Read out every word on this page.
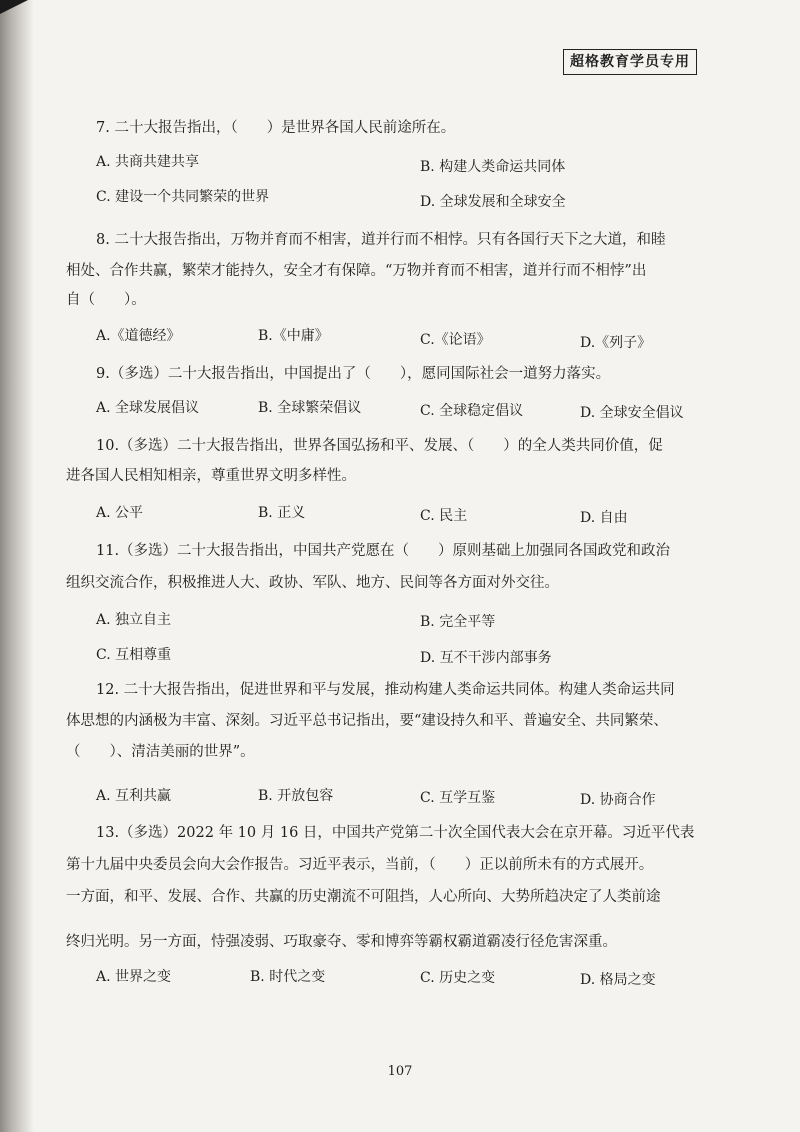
超格教育学员专用
7. 二十大报告指出，（　　）是世界各国人民前途所在。
A. 共商共建共享	B. 构建人类命运共同体
C. 建设一个共同繁荣的世界	D. 全球发展和全球安全
8. 二十大报告指出，万物并育而不相害，道并行而不相悖。只有各国行天下之大道，和睦
相处、合作共赢，繁荣才能持久，安全才有保障。“万物并育而不相害，道并行而不相悖”出
自（　　）。
A.《道德经》	B.《中庸》	C.《论语》	D.《列子》
9.（多选）二十大报告指出，中国提出了（　　），愿同国际社会一道努力落实。
A. 全球发展倡议	B. 全球繁荣倡议	C. 全球稳定倡议	D. 全球安全倡议
10.（多选）二十大报告指出，世界各国弘扬和平、发展、（　　）的全人类共同价值，促
进各国人民相知相亲，尊重世界文明多样性。
A. 公平	B. 正义	C. 民主	D. 自由
11.（多选）二十大报告指出，中国共产党愿在（　　）原则基础上加强同各国政党和政治
组织交流合作，积极推进人大、政协、军队、地方、民间等各方面对外交往。
A. 独立自主	B. 完全平等
C. 互相尊重	D. 互不干涉内部事务
12. 二十大报告指出，促进世界和平与发展，推动构建人类命运共同体。构建人类命运共同
体思想的内涵极为丰富、深刻。习近平总书记指出，要“建设持久和平、普遍安全、共同繁荣、
（　　）、清洁美丽的世界”。
A. 互利共赢	B. 开放包容	C. 互学互鉴	D. 协商合作
13.（多选）2022 年 10 月 16 日，中国共产党第二十次全国代表大会在京开幕。习近平代表
第十九届中央委员会向大会作报告。习近平表示，当前，（　　）正以前所未有的方式展开。
一方面，和平、发展、合作、共赢的历史潮流不可阻挡，人心所向、大势所趋决定了人类前途
终归光明。另一方面，恃强凌弱、巧取豪夺、零和博弈等霸权霸道霸凌行径危害深重。
A. 世界之变	B. 时代之变	C. 历史之变	D. 格局之变
107
